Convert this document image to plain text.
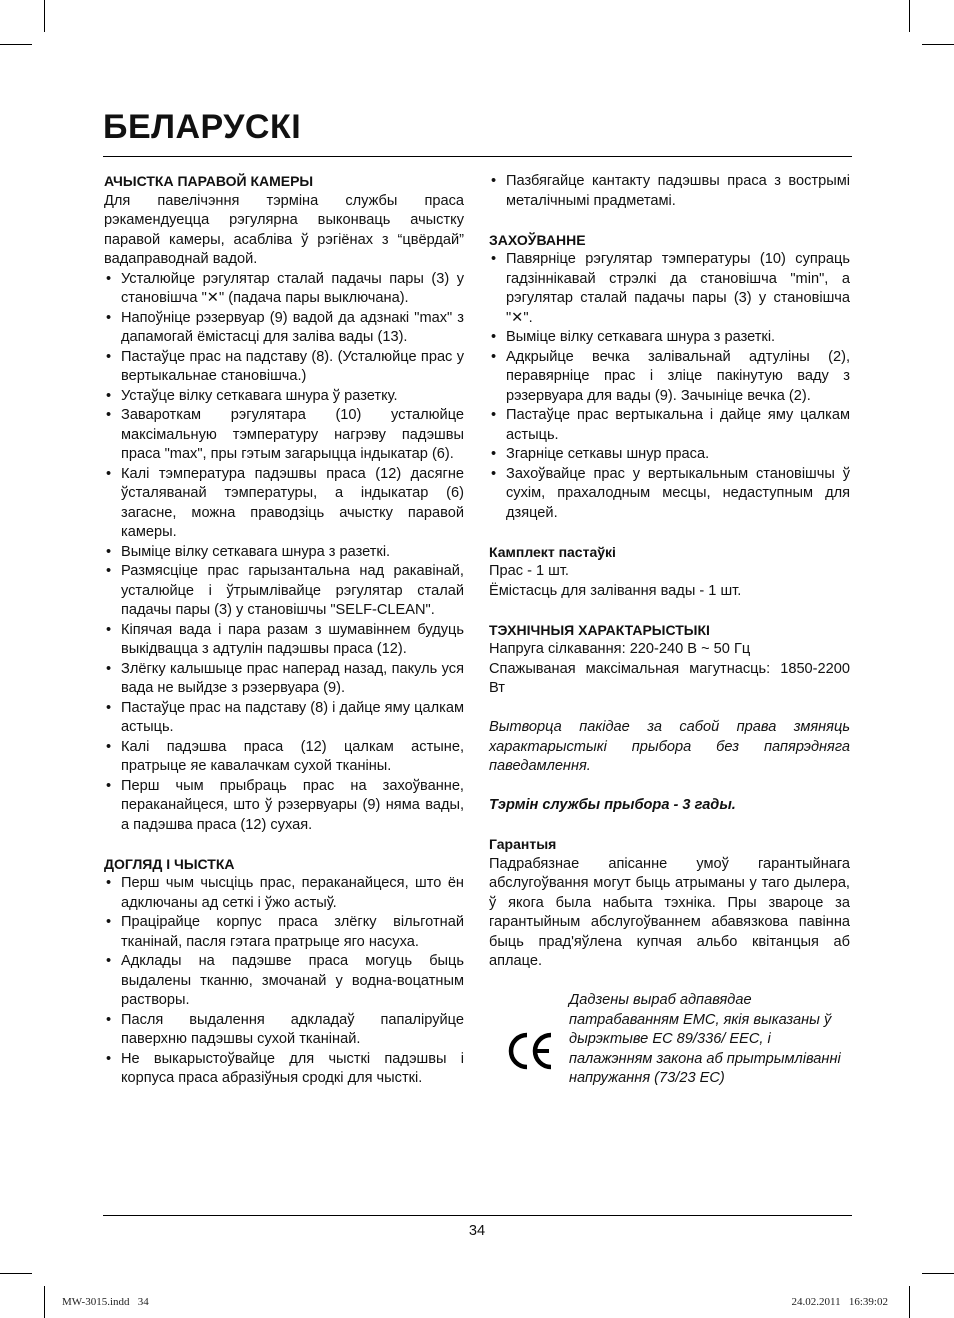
БЕЛАРУСКІ

АЧЫСТКА ПАРАВОЙ КАМЕРЫ

Для павелічэння тэрміна службы праса рэкамендуецца рэгулярна выконваць ачыстку паравой камеры, асабліва ў рэгіёнах з “цвёрдай” вадаправоднай вадой.

• Усталюйце рэгулятар сталай падачы пары (3) у становішча "✕" (падача пары выключана).
• Напоўніце рэзервуар (9) вадой да адзнакі "max" з дапамогай ёмістасці для заліва вады (13).
• Пастаўце прас на падставу (8). (Усталюйце прас у вертыкальнае становішча.)
• Устаўце вілку сеткавага шнура ў разетку.
• Завароткам рэгулятара (10) усталюйце максімальную тэмпературу нагрэву падэшвы праса "max", пры гэтым загарыцца індыкатар (6).
• Калі тэмпература падэшвы праса (12) дасягне ўсталяванай тэмпературы, а індыкатар (6) загасне, можна праводзіць ачыстку паравой камеры.
• Выміце вілку сеткавага шнура з разеткі.
• Размясціце прас гарызантальна над ракавінай, усталюйце і ўтрымлівайце рэгулятар сталай падачы пары (3) у становішчы "SELF-CLEAN".
• Кіпячая вада і пара разам з шумавіннем будуць выкідвацца з адтулін падэшвы праса (12).
• Злёгку калышыце прас наперад назад, пакуль уся вада не выйдзе з рэзервуара (9).
• Пастаўце прас на падставу (8) і дайце яму цалкам астыць.
• Калі падэшва праса (12) цалкам астыне, пратрыце яе кавалачкам сухой тканіны.
• Перш чым прыбраць прас на захоўванне, пераканайцеся, што ў рэзервуары (9) няма вады, а падэшва праса (12) сухая.

ДОГЛЯД І ЧЫСТКА

• Перш чым чысціць прас, пераканайцеся, што ён адключаны ад сеткі і ўжо астыў.
• Працірайце корпус праса злёгку вільготнай тканінай, пасля гэтага пратрыце яго насуха.
• Адклады на падэшве праса могуць быць выдалены тканню, змочанай у водна-воцатным растворы.
• Пасля выдалення адкладаў папаліруйце паверхню падэшвы сухой тканінай.
• Не выкарыстоўвайце для чысткі падэшвы і корпуса праса абразіўныя сродкі для чысткі.
• Пазбягайце кантакту падэшвы праса з вострымі металічнымі прадметамі.

ЗАХОЎВАННЕ

• Павярніце рэгулятар тэмпературы (10) супраць гадзіннікавай стрэлкі да становішча "min", а рэгулятар сталай падачы пары (3) у становішча "✕".
• Выміце вілку сеткавага шнура з разеткі.
• Адкрыйце вечка залівальнай адтуліны (2), перавярніце прас і зліце пакінутую ваду з рэзервуара для вады (9). Зачыніце вечка (2).
• Пастаўце прас вертыкальна і дайце яму цалкам астыць.
• Згарніце сеткавы шнур праса.
• Захоўвайце прас у вертыкальным становішчы ў сухім, прахалодным месцы, недаступным для дзяцей.

Камплект пастаўкі

Прас - 1 шт.

Ёмістасць для залівання вады - 1 шт.

ТЭХНІЧНЫЯ ХАРАКТАРЫСТЫКІ

Напруга сілкавання: 220-240 В ~ 50 Гц

Спажываная максімальная магутнасць: 1850-2200 Вт

Вытворца пакідае за сабой права змяняць характарыстыкі прыбора без папярэдняга паведамлення.

Тэрмін службы прыбора - 3 гады.

Гарантыя

Падрабязнае апісанне умоў гарантыйнага абслугоўвання могут быць атрыманы у таго дылера, ў якога была набыта тэхніка. Пры звароце за гарантыйным абслугоўваннем абавязкова павінна быць прад'яўлена купчая альбо квітанцыя аб аплаце.

Дадзены выраб адпавядае патрабаванням ЕМС, якія выказаны ў дырэктыве ЕС 89/336/ ЕЕС, і палажэнням закона аб прытрымліванні напружання (73/23 ЕС)
34
MW-3015.indd   34	24.02.2011   16:39:02
